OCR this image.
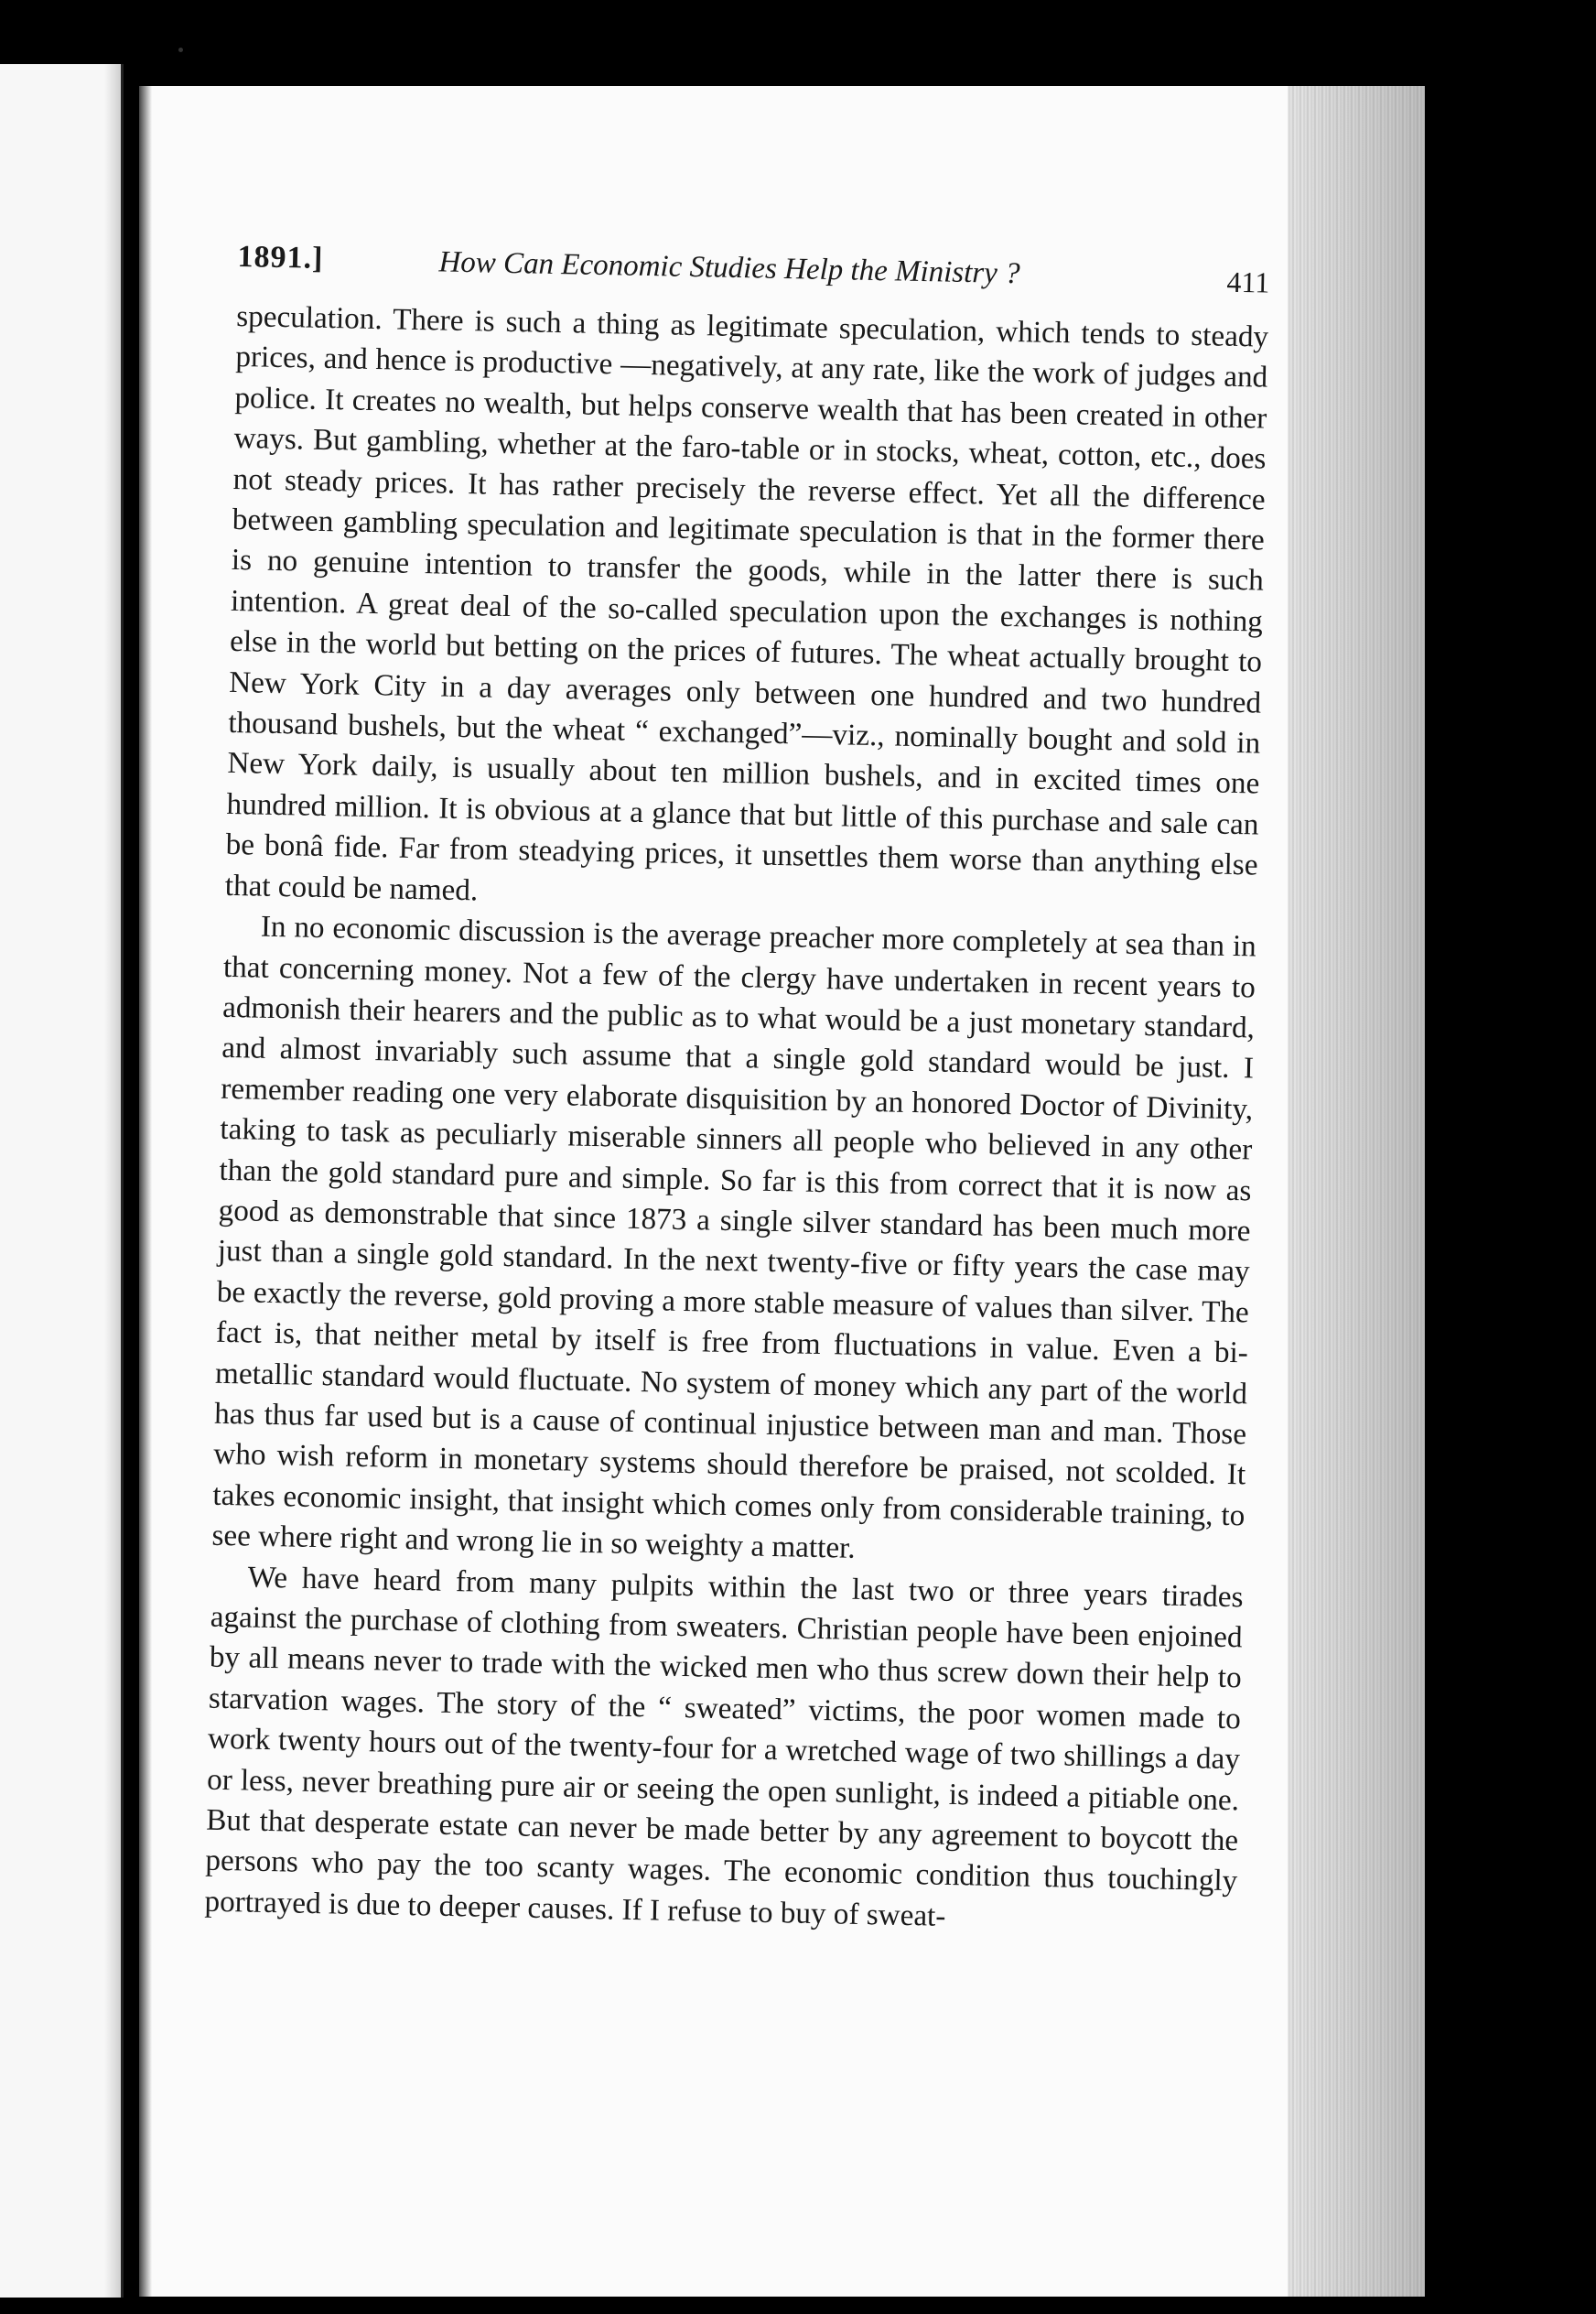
1891.]	How Can Economic Studies Help the Ministry ?	411

speculation. There is such a thing as legitimate speculation, which tends to steady prices, and hence is productive —negatively, at any rate, like the work of judges and police. It creates no wealth, but helps conserve wealth that has been created in other ways. But gambling, whether at the faro-table or in stocks, wheat, cotton, etc., does not steady prices. It has rather precisely the reverse effect. Yet all the difference between gambling speculation and legitimate speculation is that in the former there is no genuine intention to transfer the goods, while in the latter there is such intention. A great deal of the so-called speculation upon the exchanges is nothing else in the world but betting on the prices of futures. The wheat actually brought to New York City in a day averages only between one hundred and two hundred thousand bushels, but the wheat “ exchanged”—viz., nominally bought and sold in New York daily, is usually about ten million bushels, and in excited times one hundred million. It is obvious at a glance that but little of this purchase and sale can be bonâ fide. Far from steadying prices, it unsettles them worse than anything else that could be named.

In no economic discussion is the average preacher more completely at sea than in that concerning money. Not a few of the clergy have undertaken in recent years to admonish their hearers and the public as to what would be a just monetary standard, and almost invariably such assume that a single gold standard would be just. I remember reading one very elaborate disquisition by an honored Doctor of Divinity, taking to task as peculiarly miserable sinners all people who believed in any other than the gold standard pure and simple. So far is this from correct that it is now as good as demonstrable that since 1873 a single silver standard has been much more just than a single gold standard. In the next twenty-five or fifty years the case may be exactly the reverse, gold proving a more stable measure of values than silver. The fact is, that neither metal by itself is free from fluctuations in value. Even a bi-metallic standard would fluctuate. No system of money which any part of the world has thus far used but is a cause of continual injustice between man and man. Those who wish reform in monetary systems should therefore be praised, not scolded. It takes economic insight, that insight which comes only from considerable training, to see where right and wrong lie in so weighty a matter.

We have heard from many pulpits within the last two or three years tirades against the purchase of clothing from sweaters. Christian people have been enjoined by all means never to trade with the wicked men who thus screw down their help to starvation wages. The story of the “ sweated” victims, the poor women made to work twenty hours out of the twenty-four for a wretched wage of two shillings a day or less, never breathing pure air or seeing the open sunlight, is indeed a pitiable one. But that desperate estate can never be made better by any agreement to boycott the persons who pay the too scanty wages. The economic condition thus touchingly portrayed is due to deeper causes. If I refuse to buy of sweat-
